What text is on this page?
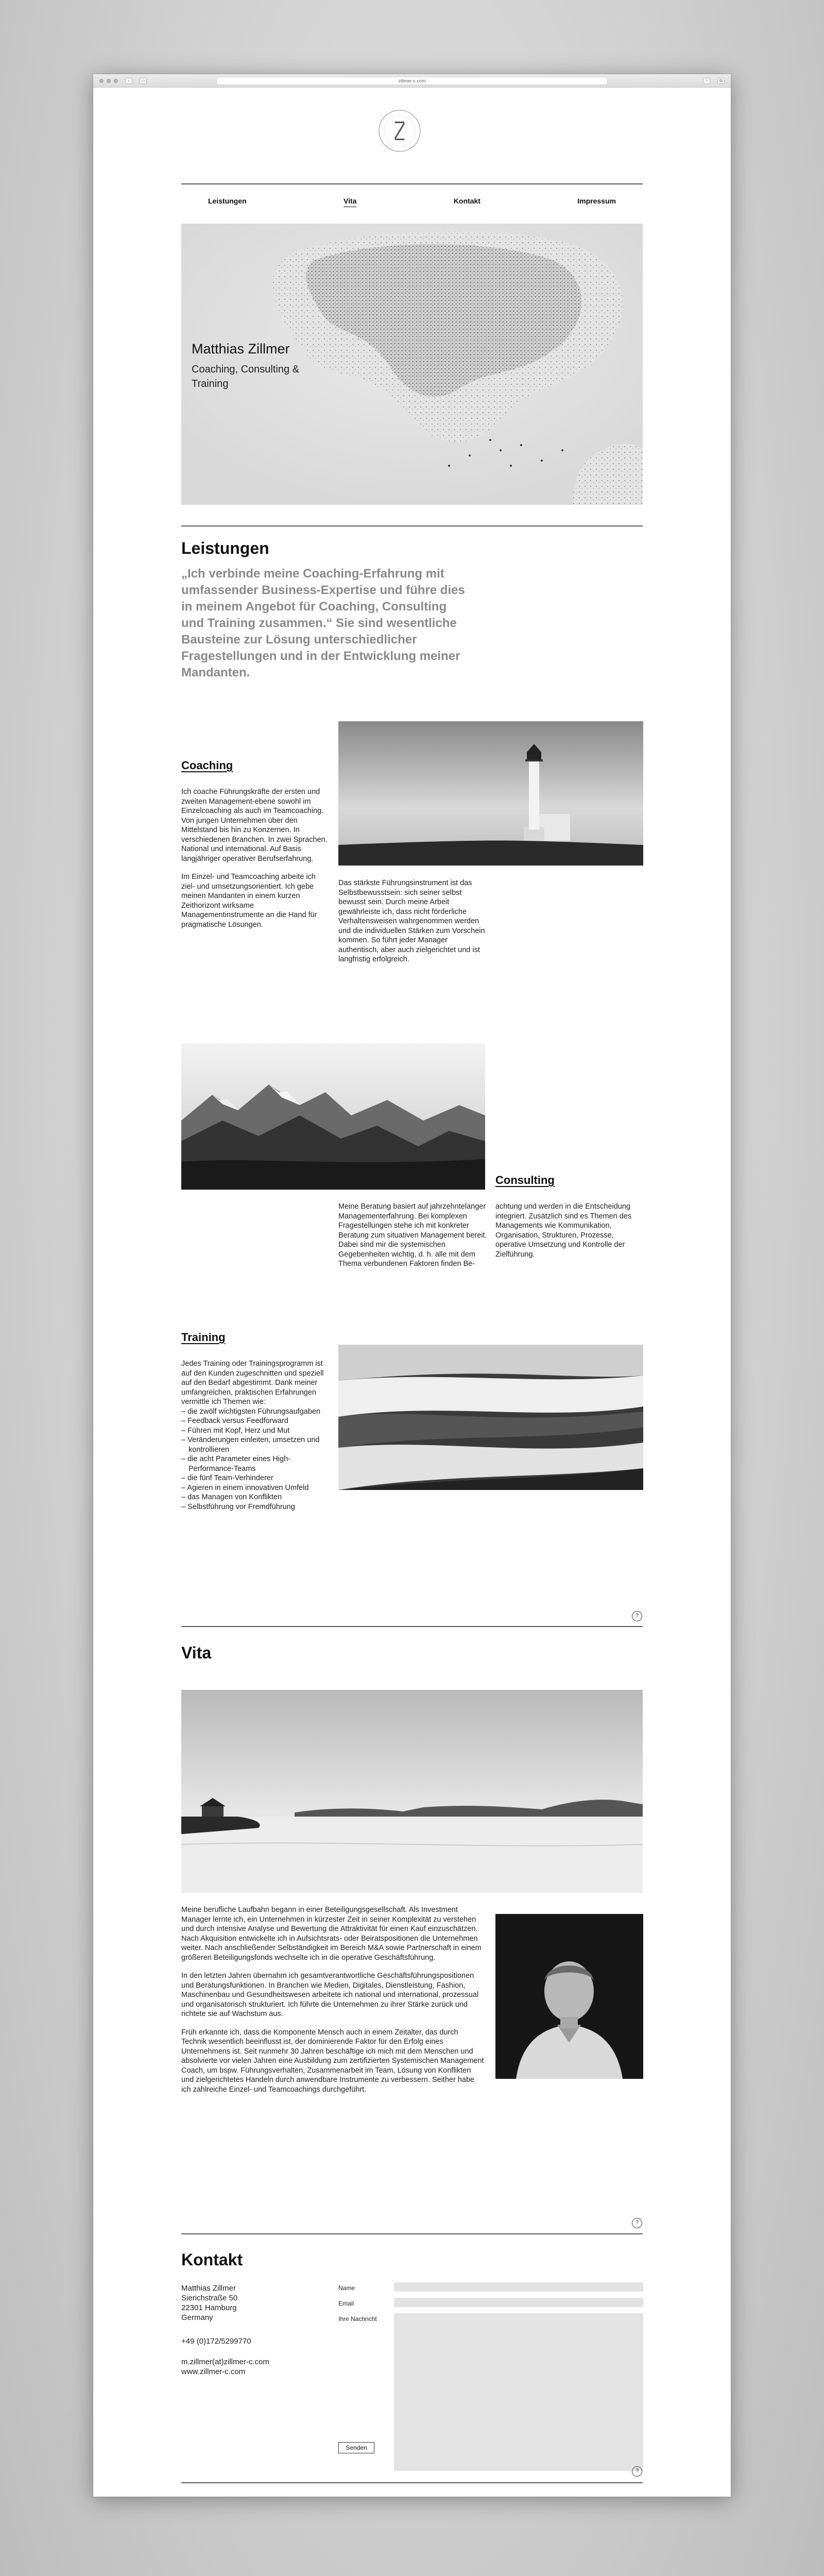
‹	▭	zillmer-c.com	↑	⧉
Leistungen	Vita	Kontakt	Impressum
Matthias Zillmer
Coaching, Consulting & Training
Leistungen

„Ich verbinde meine Coaching-Erfahrung mit umfassender Business-Expertise und führe dies in meinem Angebot für Coaching, Consulting und Training zusammen.“ Sie sind wesentliche Bausteine zur Lösung unterschiedlicher Fragestellungen und in der Entwicklung meiner Mandanten.

Coaching

Ich coache Führungskräfte der ersten und zweiten Management-ebene sowohl im Einzelcoaching als auch im Teamcoaching. Von jungen Unternehmen über den Mittelstand bis hin zu Konzernen. In verschiedenen Branchen. In zwei Sprachen. National und international. Auf Basis langjähriger operativer Berufserfahrung.

Im Einzel- und Teamcoaching arbeite ich ziel- und umsetzungsorientiert. Ich gebe meinen Mandanten in einem kurzen Zeithorizont wirksame Managementinstrumente an die Hand für pragmatische Lösungen.

Das stärkste Führungsinstrument ist das Selbstbewusstsein: sich seiner selbst bewusst sein. Durch meine Arbeit gewährleiste ich, dass nicht förderliche Verhaltensweisen wahrgenommen werden und die individuellen Stärken zum Vorschein kommen. So führt jeder Manager authentisch, aber auch zielgerichtet und ist langfristig erfolgreich.

Consulting

Meine Beratung basiert auf jahrzehntelanger Managementerfahrung. Bei komplexen Fragestellungen stehe ich mit konkreter Beratung zum situativen Management bereit. Dabei sind mir die systemischen Gegebenheiten wichtig, d. h. alle mit dem Thema verbundenen Faktoren finden Be-

achtung und werden in die Entscheidung integriert. Zusätzlich sind es Themen des Managements wie Kommunikation, Organisation, Strukturen, Prozesse, operative Umsetzung und Kontrolle der Zielführung.

Training

Jedes Training oder Trainingsprogramm ist auf den Kunden zugeschnitten und speziell auf den Bedarf abgestimmt. Dank meiner umfangreichen, praktischen Erfahrungen vermittle ich Themen wie:

– die zwölf wichtigsten Führungsaufgaben
– Feedback versus Feedforward
– Führen mit Kopf, Herz und Mut
– Veränderungen einleiten, umsetzen und kontrollieren
– die acht Parameter eines High-Performance-Teams
– die fünf Team-Verhinderer
– Agieren in einem innovativen Umfeld
– das Managen von Konflikten
– Selbstführung vor Fremdführung
?
Vita

Meine berufliche Laufbahn begann in einer Beteiligungsgesellschaft. Als Investment Manager lernte ich, ein Unternehmen in kürzester Zeit in seiner Komplexität zu verstehen und durch intensive Analyse und Bewertung die Attraktivität für einen Kauf einzuschätzen. Nach Akquisition entwickelte ich in Aufsichtsrats- oder Beiratspositionen die Unternehmen weiter. Nach anschließender Selbständigkeit im Bereich M&A sowie Partnerschaft in einem größeren Beteiligungsfonds wechselte ich in die operative Geschäftsführung.

In den letzten Jahren übernahm ich gesamtverantwortliche Geschäftsführungspositionen und Beratungsfunktionen. In Branchen wie Medien, Digitales, Dienstleistung, Fashion, Maschinenbau und Gesundheitswesen arbeitete ich national und international, prozessual und organisatorisch strukturiert. Ich führte die Unternehmen zu ihrer Stärke zurück und richtete sie auf Wachstum aus.

Früh erkannte ich, dass die Komponente Mensch auch in einem Zeitalter, das durch Technik wesentlich beeinflusst ist, der dominierende Faktor für den Erfolg eines Unternehmens ist. Seit nunmehr 30 Jahren beschäftige ich mich mit dem Menschen und absolvierte vor vielen Jahren eine Ausbildung zum zertifizierten Systemischen Management Coach, um bspw. Führungsverhalten, Zusammenarbeit im Team, Lösung von Konflikten und zielgerichtetes Handeln durch anwendbare Instrumente zu verbessern. Seither habe ich zahlreiche Einzel- und Teamcoachings durchgeführt.

?
Kontakt
Matthias Zillmer
Sierichstraße 50
22301 Hamburg
Germany
+49 (0)172/5299770
m.zillmer(at)zillmer-c.com
www.zillmer-c.com
Name
Email
Ihre Nachricht
Senden
?
